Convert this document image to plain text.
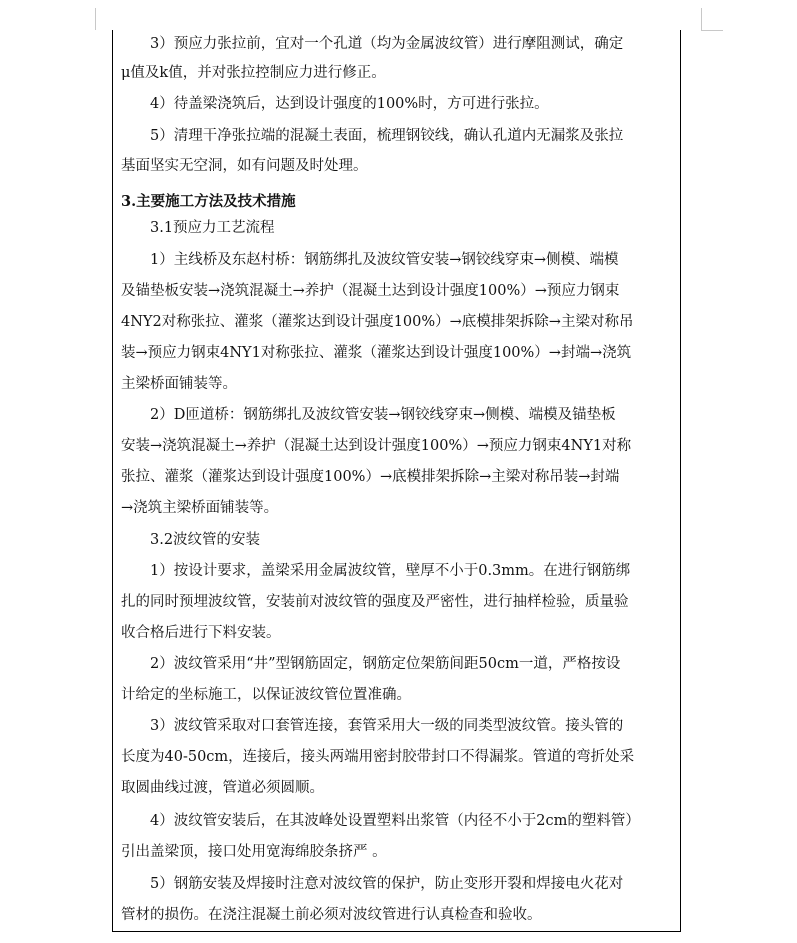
3）预应力张拉前，宜对一个孔道（均为金属波纹管）进行摩阻测试，确定
μ值及k值，并对张拉控制应力进行修正。
4）待盖梁浇筑后，达到设计强度的100%时，方可进行张拉。
5）清理干净张拉端的混凝土表面，梳理钢铰线，确认孔道内无漏浆及张拉
基面坚实无空洞，如有问题及时处理。
3.主要施工方法及技术措施
3.1预应力工艺流程
1）主线桥及东赵村桥：钢筋绑扎及波纹管安装→钢铰线穿束→侧模、端模
及锚垫板安装→浇筑混凝土→养护（混凝土达到设计强度100%）→预应力钢束
4NY2对称张拉、灌浆（灌浆达到设计强度100%）→底模排架拆除→主梁对称吊
装→预应力钢束4NY1对称张拉、灌浆（灌浆达到设计强度100%）→封端→浇筑
主梁桥面铺装等。
2）D匝道桥：钢筋绑扎及波纹管安装→钢铰线穿束→侧模、端模及锚垫板
安装→浇筑混凝土→养护（混凝土达到设计强度100%）→预应力钢束4NY1对称
张拉、灌浆（灌浆达到设计强度100%）→底模排架拆除→主梁对称吊装→封端
→浇筑主梁桥面铺装等。
3.2波纹管的安装
1）按设计要求，盖梁采用金属波纹管，壁厚不小于0.3mm。在进行钢筋绑
扎的同时预埋波纹管，安装前对波纹管的强度及严密性，进行抽样检验，质量验
收合格后进行下料安装。
2）波纹管采用“井”型钢筋固定，钢筋定位架筋间距50cm一道，严格按设
计给定的坐标施工，以保证波纹管位置准确。
3）波纹管采取对口套管连接，套管采用大一级的同类型波纹管。接头管的
长度为40-50cm，连接后，接头两端用密封胶带封口不得漏浆。管道的弯折处采
取圆曲线过渡，管道必须圆顺。
4）波纹管安装后，在其波峰处设置塑料出浆管（内径不小于2cm的塑料管）
引出盖梁顶，接口处用宽海绵胶条挤严 。
5）钢筋安装及焊接时注意对波纹管的保护，防止变形开裂和焊接电火花对
管材的损伤。在浇注混凝土前必须对波纹管进行认真检查和验收。
